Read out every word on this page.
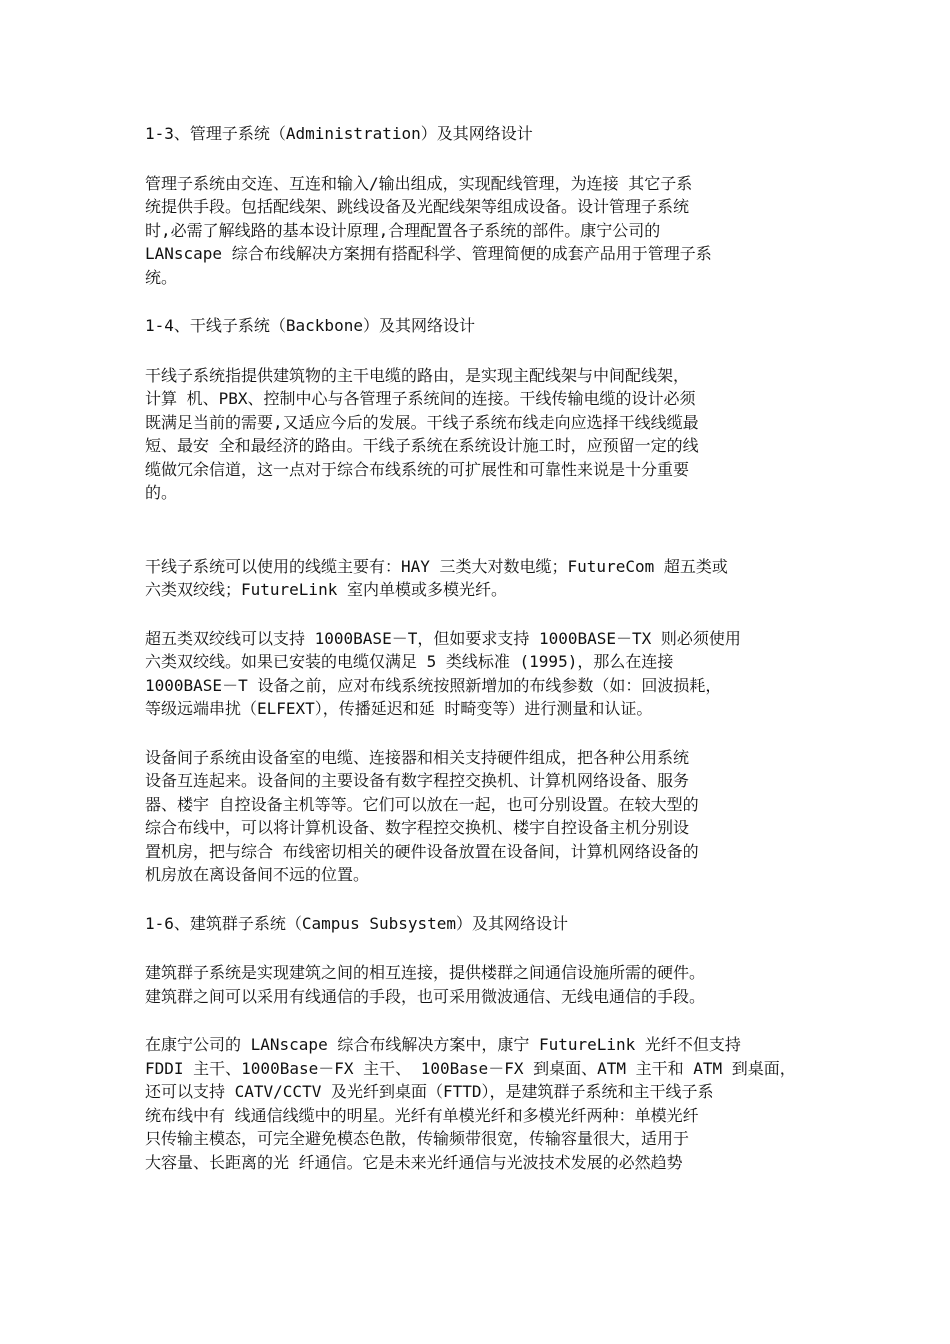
1-3、管理子系统（Administration）及其网络设计

管理子系统由交连、互连和输入/输出组成，实现配线管理，为连接 其它子系
统提供手段。包括配线架、跳线设备及光配线架等组成设备。设计管理子系统
时,必需了解线路的基本设计原理,合理配置各子系统的部件。康宁公司的
LANscape 综合布线解决方案拥有搭配科学、管理简便的成套产品用于管理子系
统。

1-4、干线子系统（Backbone）及其网络设计

干线子系统指提供建筑物的主干电缆的路由，是实现主配线架与中间配线架，
计算 机、PBX、控制中心与各管理子系统间的连接。干线传输电缆的设计必须
既满足当前的需要,又适应今后的发展。干线子系统布线走向应选择干线线缆最
短、最安 全和最经济的路由。干线子系统在系统设计施工时，应预留一定的线
缆做冗余信道，这一点对于综合布线系统的可扩展性和可靠性来说是十分重要
的。

干线子系统可以使用的线缆主要有：HAY 三类大对数电缆；FutureCom 超五类或
六类双绞线；FutureLink 室内单模或多模光纤。

超五类双绞线可以支持 1000BASE－T，但如要求支持 1000BASE－TX 则必须使用
六类双绞线。如果已安装的电缆仅满足 5 类线标准 (1995)，那么在连接
1000BASE－T 设备之前，应对布线系统按照新增加的布线参数（如：回波损耗，
等级远端串扰（ELFEXT），传播延迟和延 时畸变等）进行测量和认证。

设备间子系统由设备室的电缆、连接器和相关支持硬件组成，把各种公用系统
设备互连起来。设备间的主要设备有数字程控交换机、计算机网络设备、服务
器、楼宇 自控设备主机等等。它们可以放在一起，也可分别设置。在较大型的
综合布线中，可以将计算机设备、数字程控交换机、楼宇自控设备主机分别设
置机房，把与综合 布线密切相关的硬件设备放置在设备间，计算机网络设备的
机房放在离设备间不远的位置。

1-6、建筑群子系统（Campus Subsystem）及其网络设计

建筑群子系统是实现建筑之间的相互连接，提供楼群之间通信设施所需的硬件。
建筑群之间可以采用有线通信的手段，也可采用微波通信、无线电通信的手段。

在康宁公司的 LANscape 综合布线解决方案中，康宁 FutureLink 光纤不但支持
FDDI 主干、1000Base－FX 主干、 100Base－FX 到桌面、ATM 主干和 ATM 到桌面，
还可以支持 CATV/CCTV 及光纤到桌面（FTTD），是建筑群子系统和主干线子系
统布线中有 线通信线缆中的明星。光纤有单模光纤和多模光纤两种：单模光纤
只传输主模态，可完全避免模态色散，传输频带很宽，传输容量很大，适用于
大容量、长距离的光 纤通信。它是未来光纤通信与光波技术发展的必然趋势
